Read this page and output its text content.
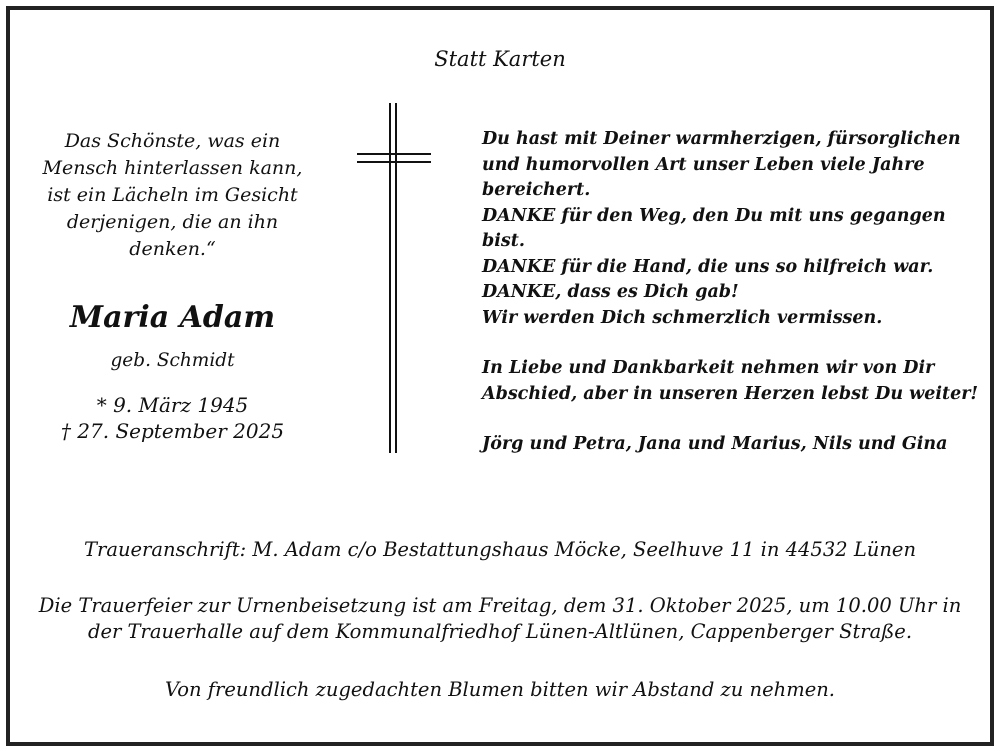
Statt Karten
Das Schönste, was ein
Mensch hinterlassen kann,
ist ein Lächeln im Gesicht
derjenigen, die an ihn
denken.“
Maria Adam
geb. Schmidt
* 9. März 1945
† 27. September 2025
Du hast mit Deiner warmherzigen, fürsorglichen
und humorvollen Art unser Leben viele Jahre
bereichert.
DANKE für den Weg, den Du mit uns gegangen bist.
DANKE für die Hand, die uns so hilfreich war.
DANKE, dass es Dich gab!
Wir werden Dich schmerzlich vermissen.
In Liebe und Dankbarkeit nehmen wir von Dir
Abschied, aber in unseren Herzen lebst Du weiter!
Jörg und Petra, Jana und Marius, Nils und Gina
Traueranschrift: M. Adam c/o Bestattungshaus Möcke, Seelhuve 11 in 44532 Lünen
Die Trauerfeier zur Urnenbeisetzung ist am Freitag, dem 31. Oktober 2025, um 10.00 Uhr in
der Trauerhalle auf dem Kommunalfriedhof Lünen-Altlünen, Cappenberger Straße.
Von freundlich zugedachten Blumen bitten wir Abstand zu nehmen.
